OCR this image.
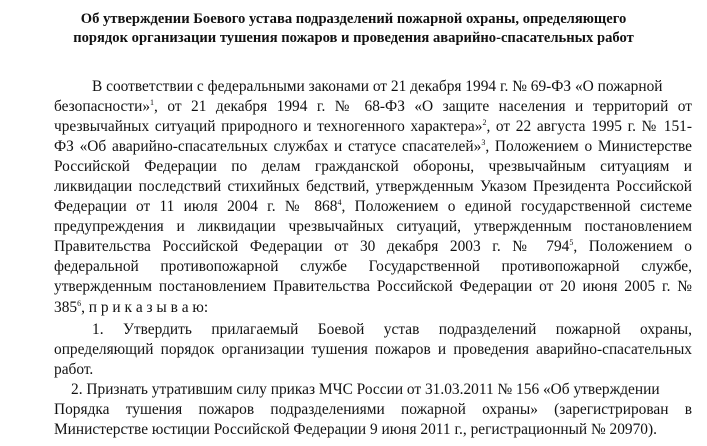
Об утверждении Боевого устава подразделений пожарной охраны, определяющего
порядок организации тушения пожаров и проведения аварийно-спасательных работ
В соответствии с федеральными законами от 21 декабря 1994 г. № 69-ФЗ «О пожарной
безопасности»$^1$, от 21 декабря 1994 г. № 68-ФЗ «О защите населения и территорий от
чрезвычайных ситуаций природного и техногенного характера»$^2$, от 22 августа 1995 г. № 151-
ФЗ «Об аварийно-спасательных службах и статусе спасателей»$^3$, Положением о Министерстве
Российской Федерации по делам гражданской обороны, чрезвычайным ситуациям и
ликвидации последствий стихийных бедствий, утвержденным Указом Президента Российской
Федерации от 11 июля 2004 г. № $868^4$, Положением о единой государственной системе
предупреждения и ликвидации чрезвычайных ситуаций, утвержденным постановлением
Правительства Российской Федерации от 30 декабря 2003 г. № $794^5$, Положением о
федеральной противопожарной службе Государственной противопожарной службе,
утвержденным постановлением Правительства Российской Федерации от 20 июня 2005 г. №
$385^6$, п р и к а з ы в а ю:
1. Утвердить прилагаемый Боевой устав подразделений пожарной охраны,
определяющий порядок организации тушения пожаров и проведения аварийно-спасательных
работ.
2. Признать утратившим силу приказ МЧС России от 31.03.2011 № 156 «Об утверждении
Порядка тушения пожаров подразделениями пожарной охраны» (зарегистрирован в
Министерстве юстиции Российской Федерации 9 июня 2011 г., регистрационный № 20970).
